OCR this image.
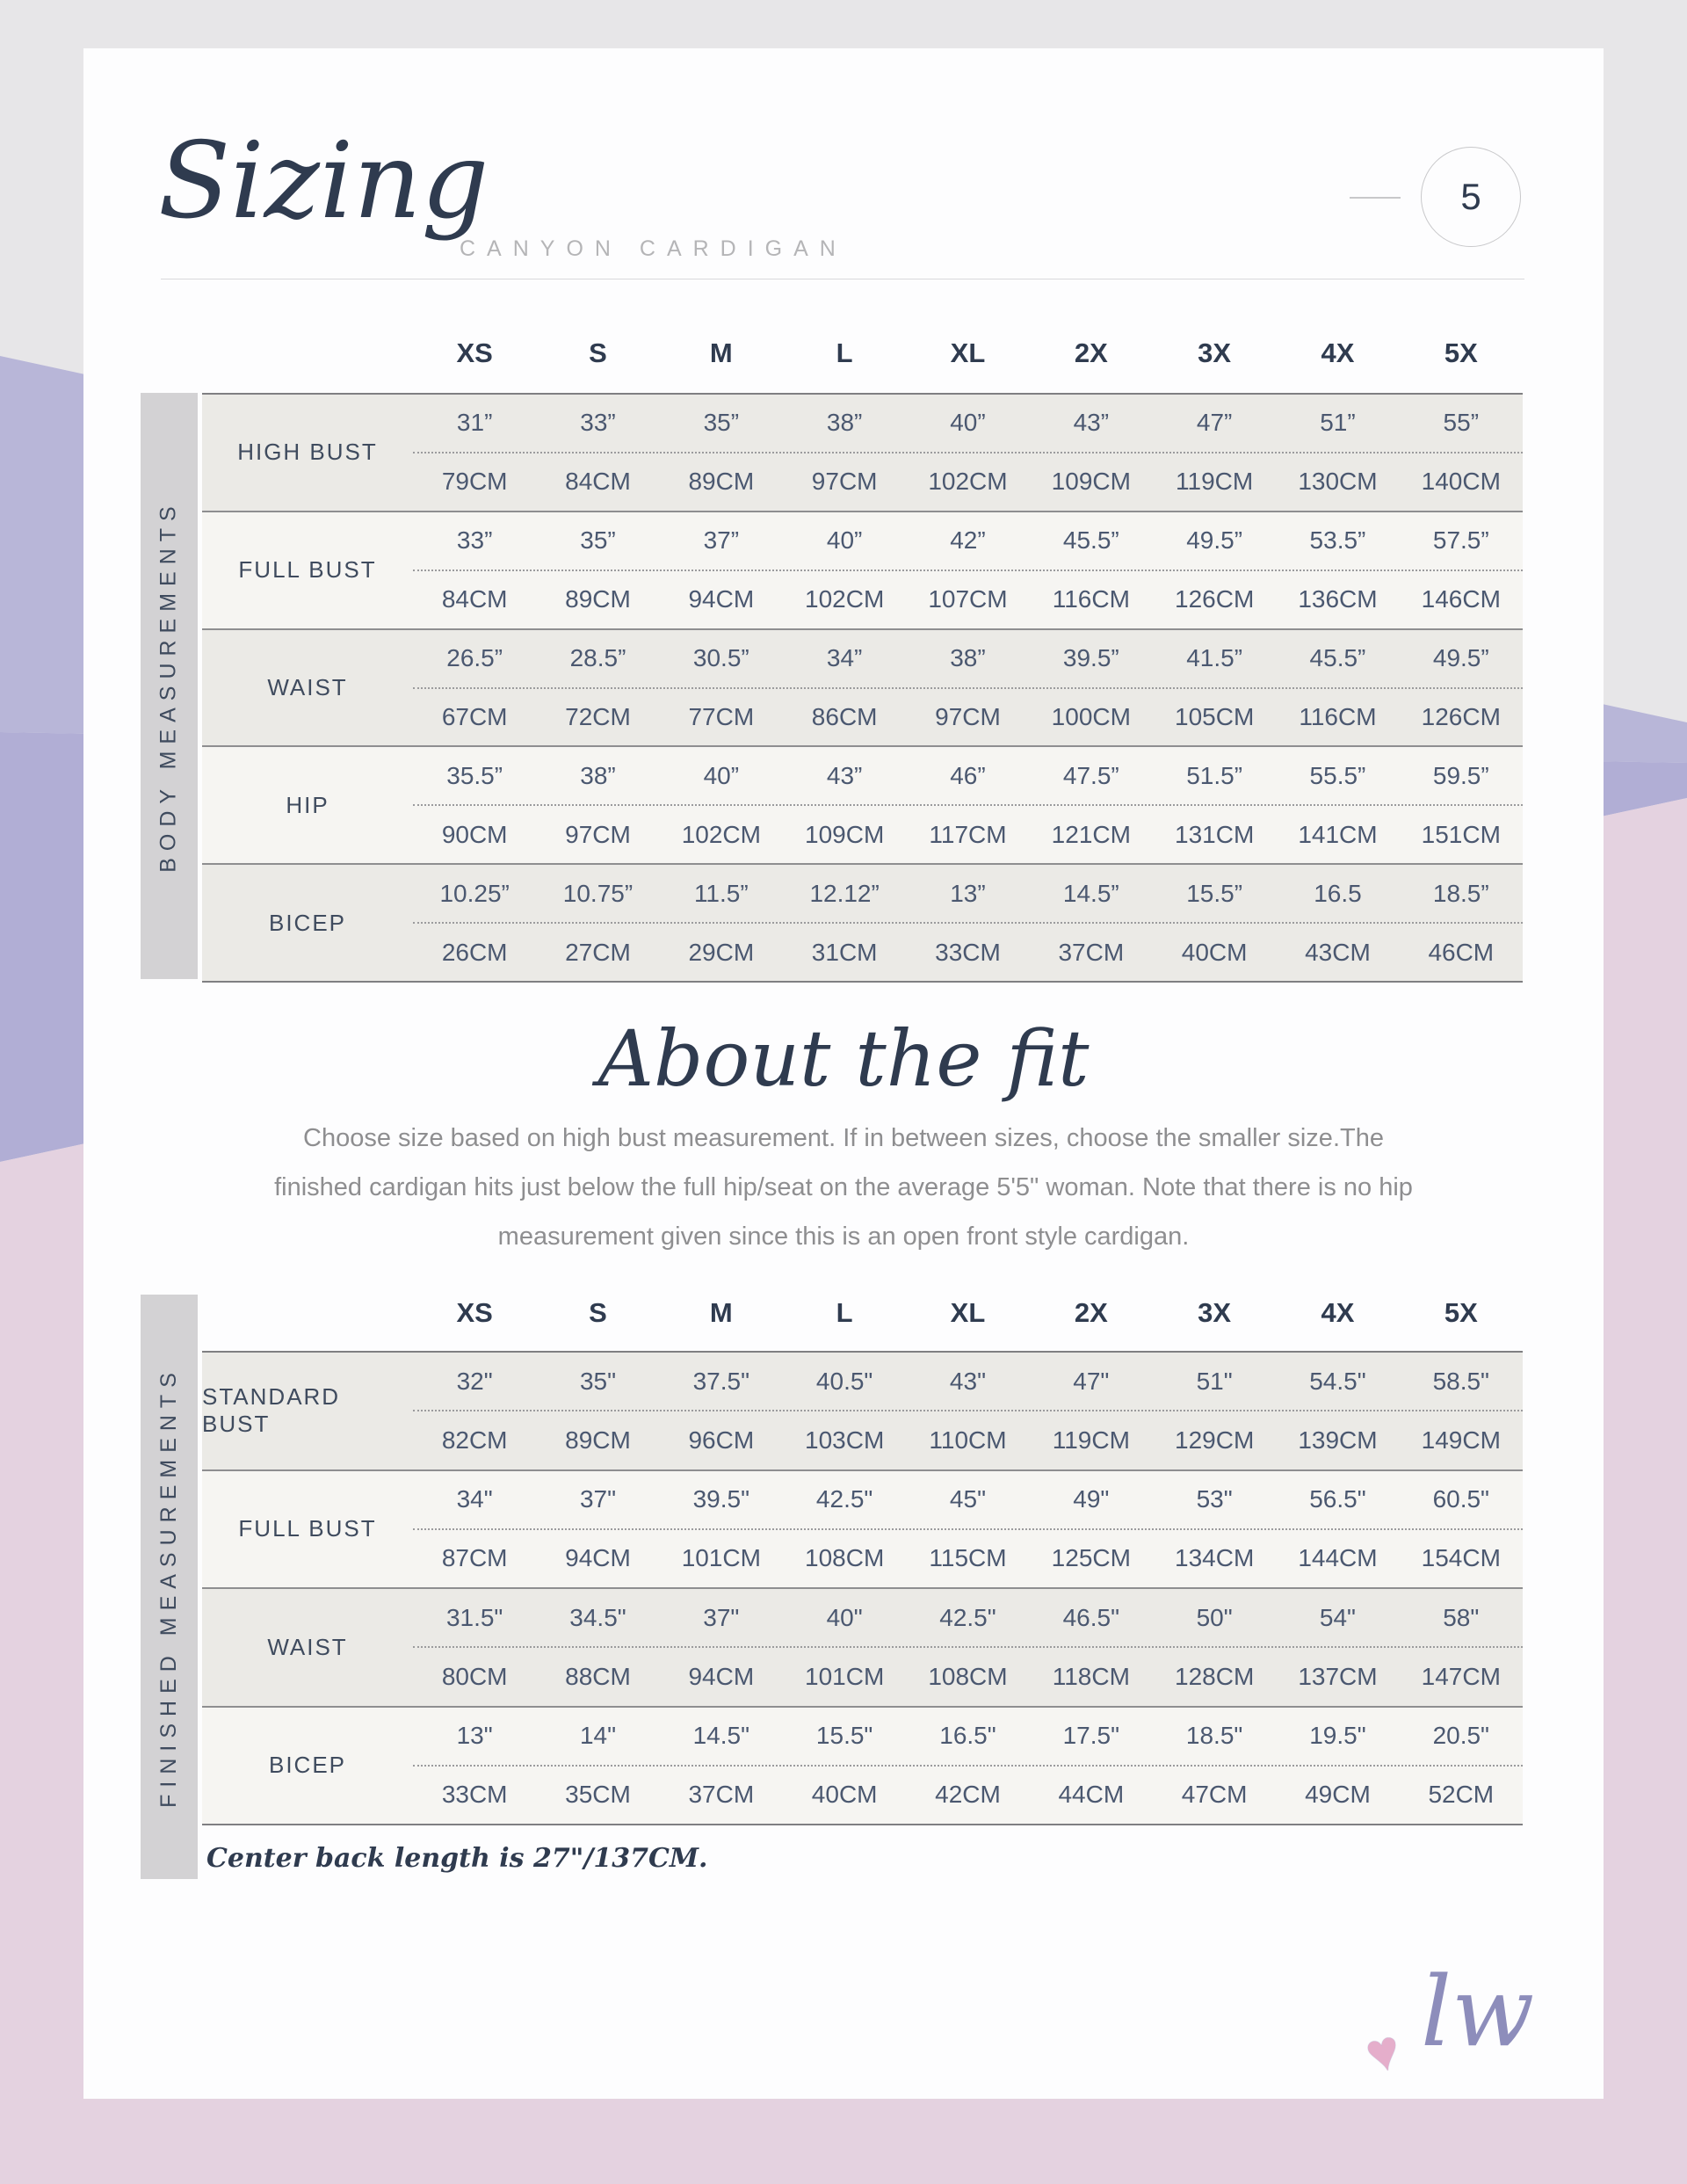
Sizing
CANYON CARDIGAN
5
XS	S	M	L	XL	2X	3X	4X	5X
BODY MEASUREMENTS
HIGH BUST
31”	33”	35”	38”	40”	43”	47”	51”	55”
79CM	84CM	89CM	97CM	102CM	109CM	119CM	130CM	140CM
FULL BUST
33”	35”	37”	40”	42”	45.5”	49.5”	53.5”	57.5”
84CM	89CM	94CM	102CM	107CM	116CM	126CM	136CM	146CM
WAIST
26.5”	28.5”	30.5”	34”	38”	39.5”	41.5”	45.5”	49.5”
67CM	72CM	77CM	86CM	97CM	100CM	105CM	116CM	126CM
HIP
35.5”	38”	40”	43”	46”	47.5”	51.5”	55.5”	59.5”
90CM	97CM	102CM	109CM	117CM	121CM	131CM	141CM	151CM
BICEP
10.25”	10.75”	11.5”	12.12”	13”	14.5”	15.5”	16.5	18.5”
26CM	27CM	29CM	31CM	33CM	37CM	40CM	43CM	46CM
About the fit
Choose size based on high bust measurement. If in between sizes, choose the smaller size.The
finished cardigan hits just below the full hip/seat on the average 5'5" woman. Note that there is no hip
measurement given since this is an open front style cardigan.
XS	S	M	L	XL	2X	3X	4X	5X
FINISHED MEASUREMENTS STANDARD BUST
32"	35"	37.5"	40.5"	43"	47"	51"	54.5"	58.5"
82CM	89CM	96CM	103CM	110CM	119CM	129CM	139CM	149CM
FULL BUST
34"	37"	39.5"	42.5"	45"	49"	53"	56.5"	60.5"
87CM	94CM	101CM	108CM	115CM	125CM	134CM	144CM	154CM
WAIST
31.5"	34.5"	37"	40"	42.5"	46.5"	50"	54"	58"
80CM	88CM	94CM	101CM	108CM	118CM	128CM	137CM	147CM
BICEP
13"	14"	14.5"	15.5"	16.5"	17.5"	18.5"	19.5"	20.5"
33CM	35CM	37CM	40CM	42CM	44CM	47CM	49CM	52CM
Center back length is 27"/137CM.
♥ lw
